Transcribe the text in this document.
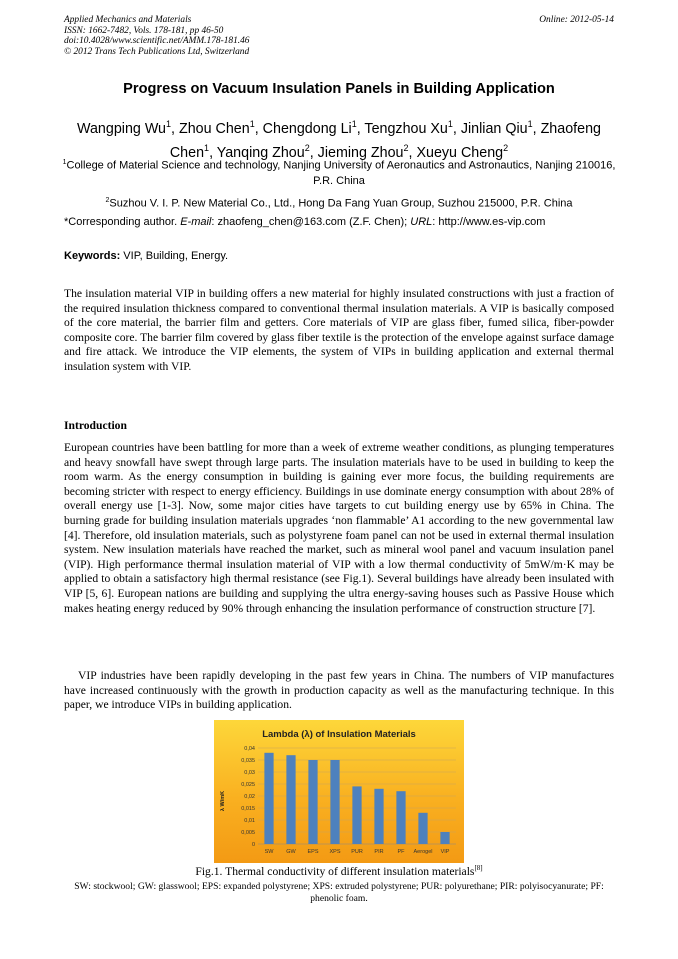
Applied Mechanics and Materials
ISSN: 1662-7482, Vols. 178-181, pp 46-50
doi:10.4028/www.scientific.net/AMM.178-181.46
© 2012 Trans Tech Publications Ltd, Switzerland
Online: 2012-05-14
Progress on Vacuum Insulation Panels in Building Application
Wangping Wu$^1$, Zhou Chen$^1$, Chengdong Li$^1$, Tengzhou Xu$^1$, Jinlian Qiu$^1$, Zhaofeng Chen$^1$, Yanqing Zhou$^2$, Jieming Zhou$^2$, Xueyu Cheng$^2$
$^1$College of Material Science and technology, Nanjing University of Aeronautics and Astronautics, Nanjing 210016, P.R. China
$^2$Suzhou V. I. P. New Material Co., Ltd., Hong Da Fang Yuan Group, Suzhou 215000, P.R. China
*Corresponding author. E-mail: zhaofeng_chen@163.com (Z.F. Chen); URL: http://www.es-vip.com
Keywords: VIP, Building, Energy.

The insulation material VIP in building offers a new material for highly insulated constructions with just a fraction of the required insulation thickness compared to conventional thermal insulation materials. A VIP is basically composed of the core material, the barrier film and getters. Core materials of VIP are glass fiber, fumed silica, fiber-powder composite core. The barrier film covered by glass fiber textile is the protection of the envelope against surface damage and fire attack. We introduce the VIP elements, the system of VIPs in building application and external thermal insulation system with VIP.

Introduction

European countries have been battling for more than a week of extreme weather conditions, as plunging temperatures and heavy snowfall have swept through large parts. The insulation materials have to be used in building to keep the room warm. As the energy consumption in building is gaining ever more focus, the building requirements are becoming stricter with respect to energy efficiency. Buildings in use dominate energy consumption with about 28% of overall energy use [1-3]. Now, some major cities have targets to cut building energy use by 65% in China. The burning grade for building insulation materials upgrades ‘non flammable’ A1 according to the new governmental law [4]. Therefore, old insulation materials, such as polystyrene foam panel can not be used in external thermal insulation system. New insulation materials have reached the market, such as mineral wool panel and vacuum insulation panel (VIP). High performance thermal insulation material of VIP with a low thermal conductivity of 5mW/m·K may be applied to obtain a satisfactory high thermal resistance (see Fig.1). Several buildings have already been insulated with VIP [5, 6]. European nations are building and supplying the ultra energy-saving houses such as Passive House which makes heating energy reduced by 90% through enhancing the insulation performance of construction structure [7].

VIP industries have been rapidly developing in the past few years in China. The numbers of VIP manufactures have increased continuously with the growth in production capacity as well as the manufacturing technique. In this paper, we introduce VIPs in building application.

Lambda (λ) of Insulation Materials
λ W/mK
0
0,005
0,01
0,015
0,02
0,025
0,03
0,035
0,04
SW GW EPS XPS PUR PIR	PF Aerogel VIP
Fig.1. Thermal conductivity of different insulation materials[8]
SW: stockwool; GW: glasswool; EPS: expanded polystyrene; XPS: extruded polystyrene; PUR: polyurethane; PIR: polyisocyanurate; PF: phenolic foam.
